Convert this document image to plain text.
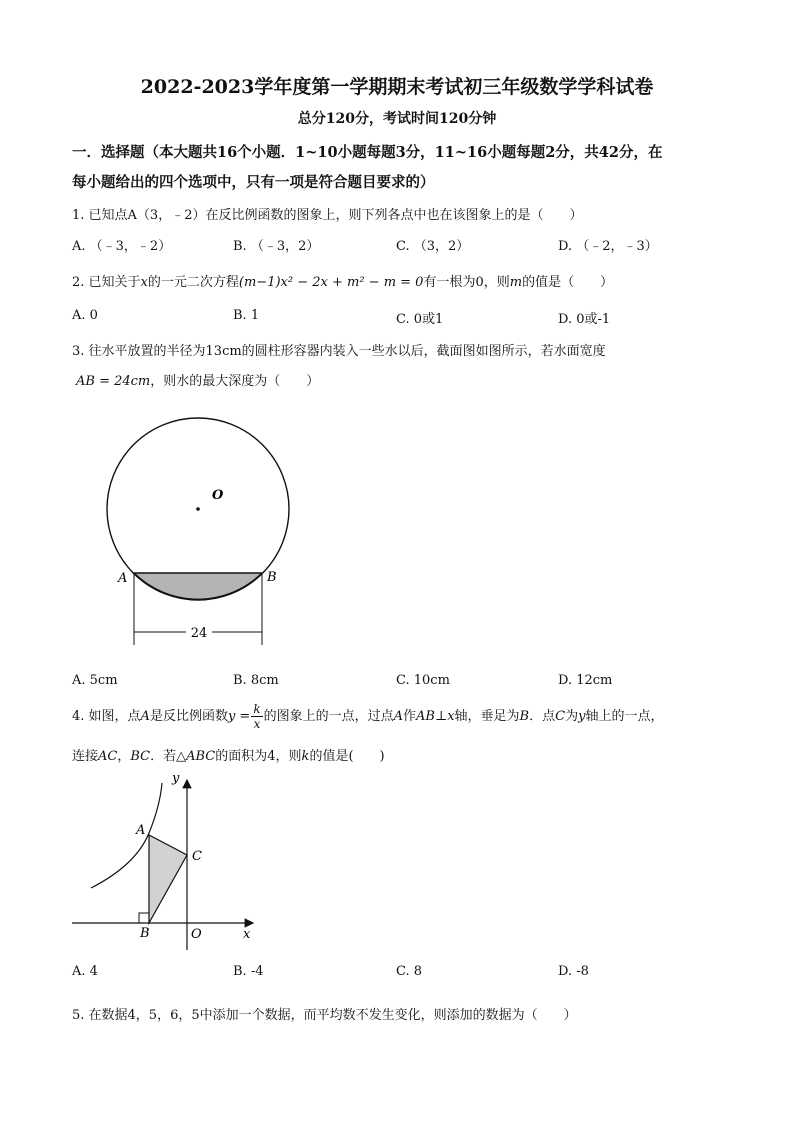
2022-2023学年度第一学期期末考试初三年级数学学科试卷
总分120分，考试时间120分钟
一．选择题（本大题共16个小题．1~10小题每题3分，11~16小题每题2分，共42分，在
每小题给出的四个选项中，只有一项是符合题目要求的）
1. 已知点A（3，﹣2）在反比例函数的图象上，则下列各点中也在该图象上的是（　　）
A. （﹣3，﹣2）	B. （﹣3，2）	C. （3，2）	D. （﹣2，﹣3）
2. 已知关于x的一元二次方程(m−1)x² − 2x + m² − m = 0有一根为0，则m的值是（　　）
A. 0	B. 1	C. 0或1	D. 0或-1
3. 往水平放置的半径为13cm的圆柱形容器内装入一些水以后，截面图如图所示，若水面宽度
AB = 24cm，则水的最大深度为（　　）
O
A	B
24
A. 5cm	B. 8cm	C. 10cm	D. 12cm
4. 如图，点A是反比例函数$y = \frac{k}{x}$ 的图象上的一点，过点A作AB⊥x轴，垂足为B．点C为y轴上的一点，
连接AC，BC．若△ABC的面积为4，则k的值是(　　)
y
x
A
B
C
O
A. 4	B. -4	C. 8	D. -8
5. 在数据4，5，6，5中添加一个数据，而平均数不发生变化，则添加的数据为（　　）
